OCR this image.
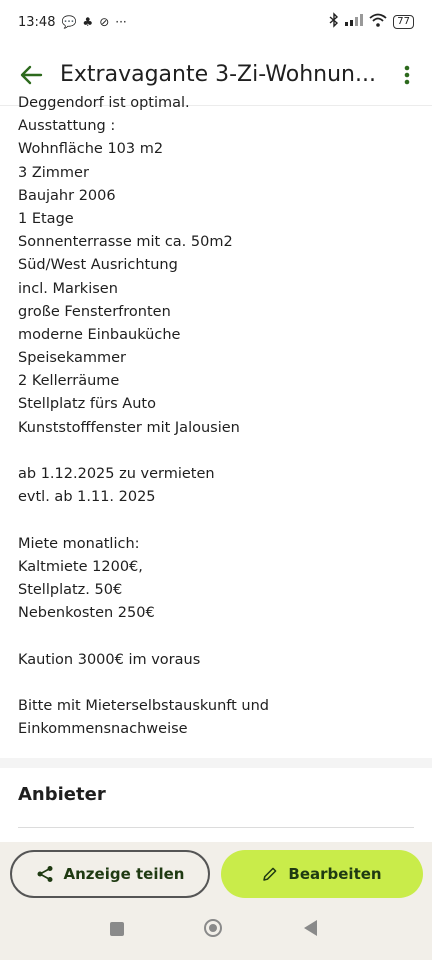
13:48 💬 ♣ ⊘ ···	77
Extravagante 3-Zi-Wohnun...
Deggendorf ist optimal.
Ausstattung :
Wohnfläche 103 m2
3 Zimmer
Baujahr 2006
1 Etage
Sonnenterrasse mit ca. 50m2
Süd/West Ausrichtung
incl. Markisen
große Fensterfronten
moderne Einbauküche
Speisekammer
2 Kellerräume
Stellplatz fürs Auto
Kunststofffenster mit Jalousien
ab 1.12.2025 zu vermieten
evtl. ab 1.11. 2025
Miete monatlich:
Kaltmiete 1200€,
Stellplatz. 50€
Nebenkosten 250€
Kaution 3000€ im voraus
Bitte mit Mieterselbstauskunft und
Einkommensnachweise
Anbieter
Anzeige teilen	Bearbeiten
